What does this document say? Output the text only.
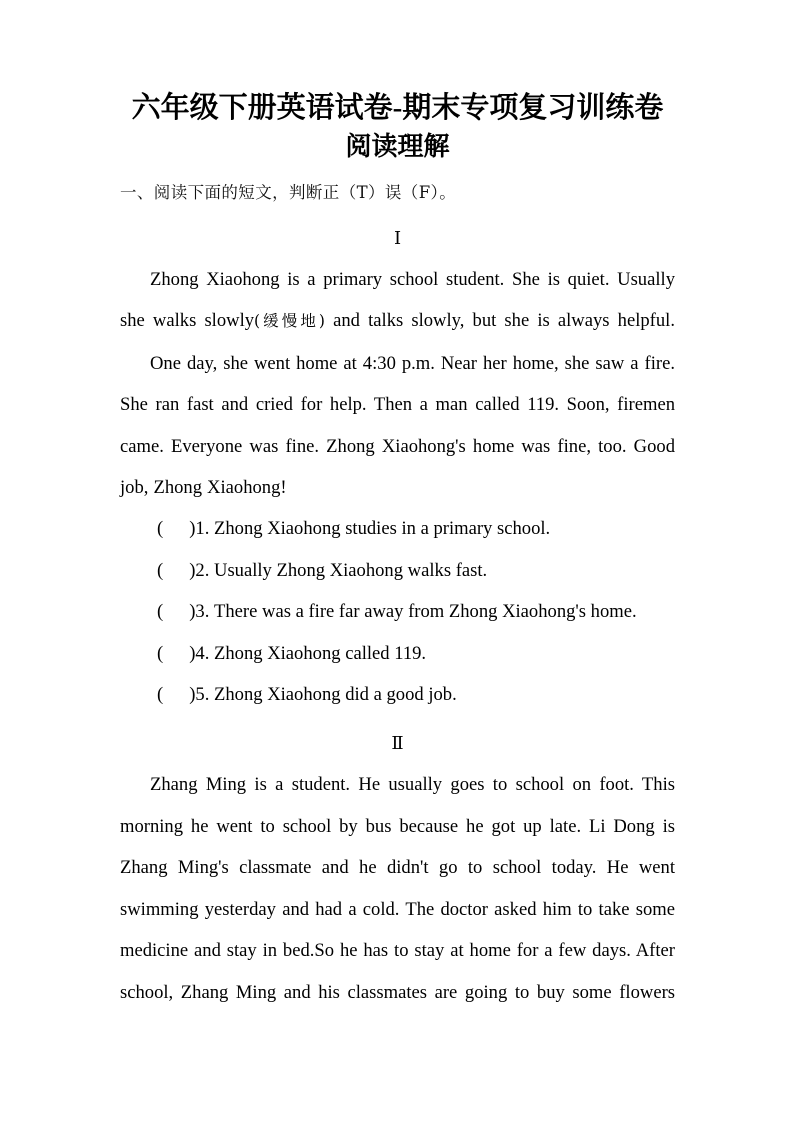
六年级下册英语试卷-期末专项复习训练卷
阅读理解

一、阅读下面的短文，判断正（T）误（F）。

Ⅰ

Zhong Xiaohong is a primary school student. She is quiet. Usually she walks slowly(缓慢地) and talks slowly, but she is always helpful.

One day, she went home at 4:30 p.m. Near her home, she saw a fire. She ran fast and cried for help. Then a man called 119. Soon, firemen came. Everyone was fine. Zhong Xiaohong's home was fine, too. Good job, Zhong Xiaohong!

( )1. Zhong Xiaohong studies in a primary school.
( )2. Usually Zhong Xiaohong walks fast.
( )3. There was a fire far away from Zhong Xiaohong's home.
( )4. Zhong Xiaohong called 119.
( )5. Zhong Xiaohong did a good job.
Ⅱ

Zhang Ming is a student. He usually goes to school on foot. This morning he went to school by bus because he got up late. Li Dong is Zhang Ming's classmate and he didn't go to school today. He went swimming yesterday and had a cold. The doctor asked him to take some medicine and stay in bed.So he has to stay at home for a few days. After school, Zhang Ming and his classmates are going to buy some flowers
